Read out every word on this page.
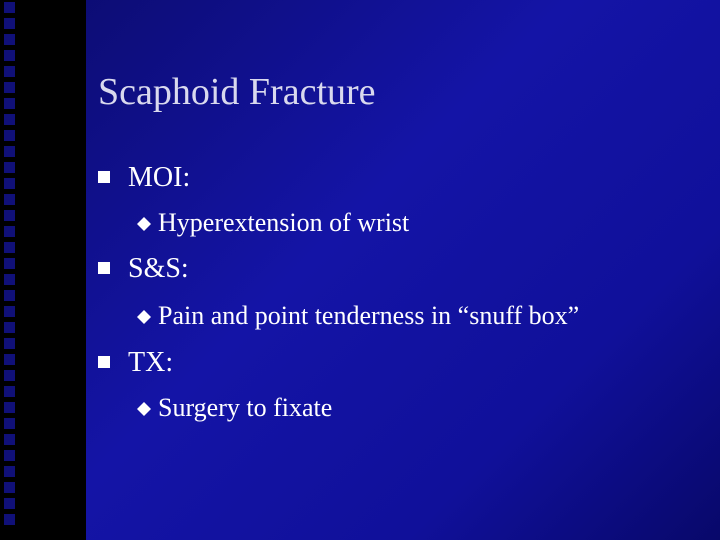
Scaphoid Fracture
MOI:
Hyperextension of wrist
S&S:
Pain and point tenderness in “snuff box”
TX:
Surgery to fixate
